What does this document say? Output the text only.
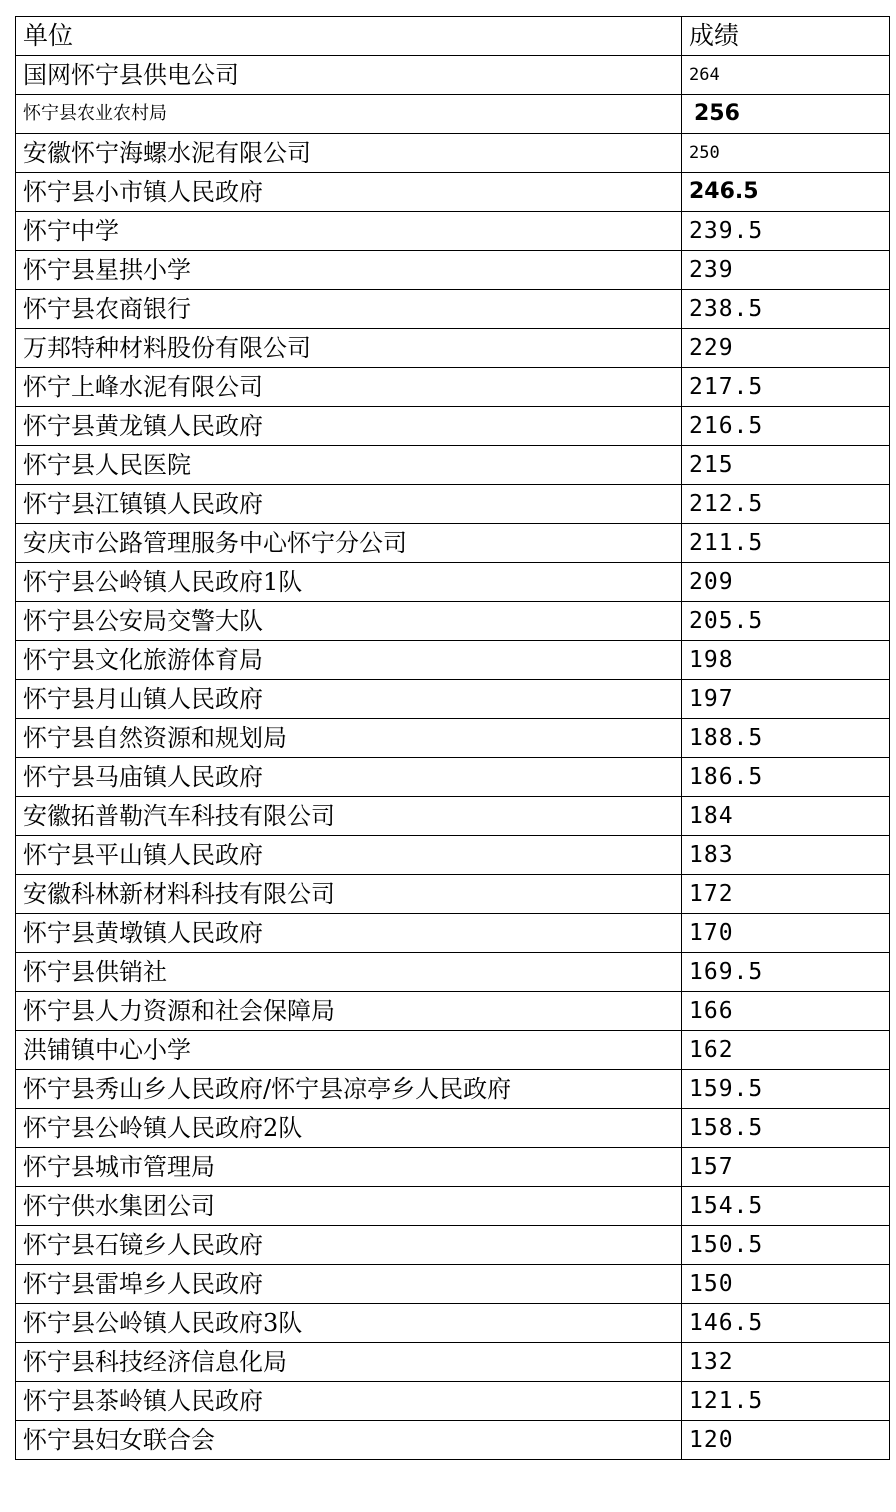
单位	成绩
国网怀宁县供电公司	264
怀宁县农业农村局	256
安徽怀宁海螺水泥有限公司	250
怀宁县小市镇人民政府	246.5
怀宁中学	239.5
怀宁县星拱小学	239
怀宁县农商银行	238.5
万邦特种材料股份有限公司	229
怀宁上峰水泥有限公司	217.5
怀宁县黄龙镇人民政府	216.5
怀宁县人民医院	215
怀宁县江镇镇人民政府	212.5
安庆市公路管理服务中心怀宁分公司	211.5
怀宁县公岭镇人民政府1队	209
怀宁县公安局交警大队	205.5
怀宁县文化旅游体育局	198
怀宁县月山镇人民政府	197
怀宁县自然资源和规划局	188.5
怀宁县马庙镇人民政府	186.5
安徽拓普勒汽车科技有限公司	184
怀宁县平山镇人民政府	183
安徽科林新材料科技有限公司	172
怀宁县黄墩镇人民政府	170
怀宁县供销社	169.5
怀宁县人力资源和社会保障局	166
洪铺镇中心小学	162
怀宁县秀山乡人民政府/怀宁县凉亭乡人民政府	159.5
怀宁县公岭镇人民政府2队	158.5
怀宁县城市管理局	157
怀宁供水集团公司	154.5
怀宁县石镜乡人民政府	150.5
怀宁县雷埠乡人民政府	150
怀宁县公岭镇人民政府3队	146.5
怀宁县科技经济信息化局	132
怀宁县茶岭镇人民政府	121.5
怀宁县妇女联合会	120
